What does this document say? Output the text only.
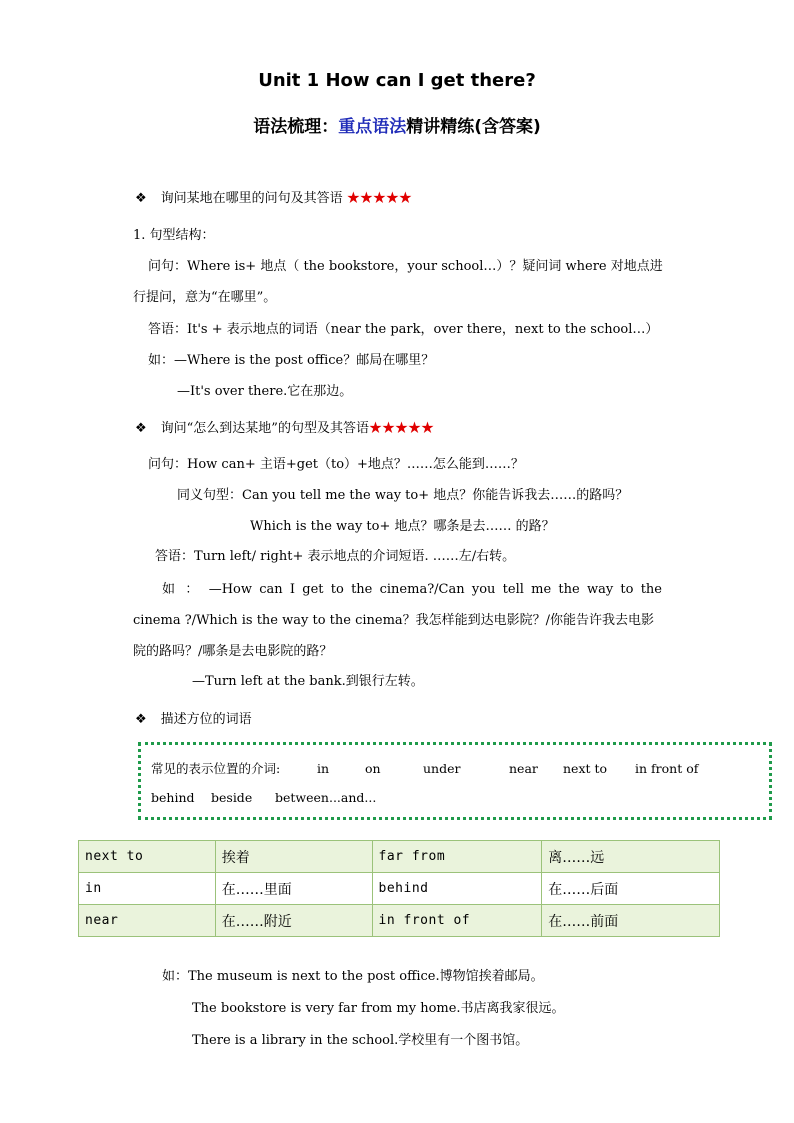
Unit 1 How can I get there?
语法梳理：重点语法精讲精练(含答案)
❖ 询问某地在哪里的问句及其答语 ★★★★★
1. 句型结构：
问句：Where is+ 地点（ the bookstore，your school…）？疑问词 where 对地点进
行提问，意为“在哪里”。
答语：It's + 表示地点的词语（near the park，over there，next to the school…）
如：—Where is the post office？邮局在哪里？
—It's over there.它在那边。
❖ 询问“怎么到达某地”的句型及其答语★★★★★
问句：How can+ 主语+get（to）+地点？……怎么能到……？
同义句型：Can you tell me the way to+ 地点？你能告诉我去……的路吗？
Which is the way to+ 地点？哪条是去…… 的路？
答语：Turn left/ right+ 表示地点的介词短语. ……左/右转。
如 ： —How can I get to the cinema?/Can you tell me the way to the
cinema ?/Which is the way to the cinema？我怎样能到达电影院？/你能告许我去电影
院的路吗？/哪条是去电影院的路？
—Turn left at the bank.到银行左转。
❖ 描述方位的词语
常见的表示位置的介词:	in	on	under	near next to in front of
behind beside between...and...
next to	挨着	far from	离……远
in	在……里面	behind	在……后面
near	在……附近	in front of	在……前面
如：The museum is next to the post office.博物馆挨着邮局。
The bookstore is very far from my home.书店离我家很远。
There is a library in the school.学校里有一个图书馆。
